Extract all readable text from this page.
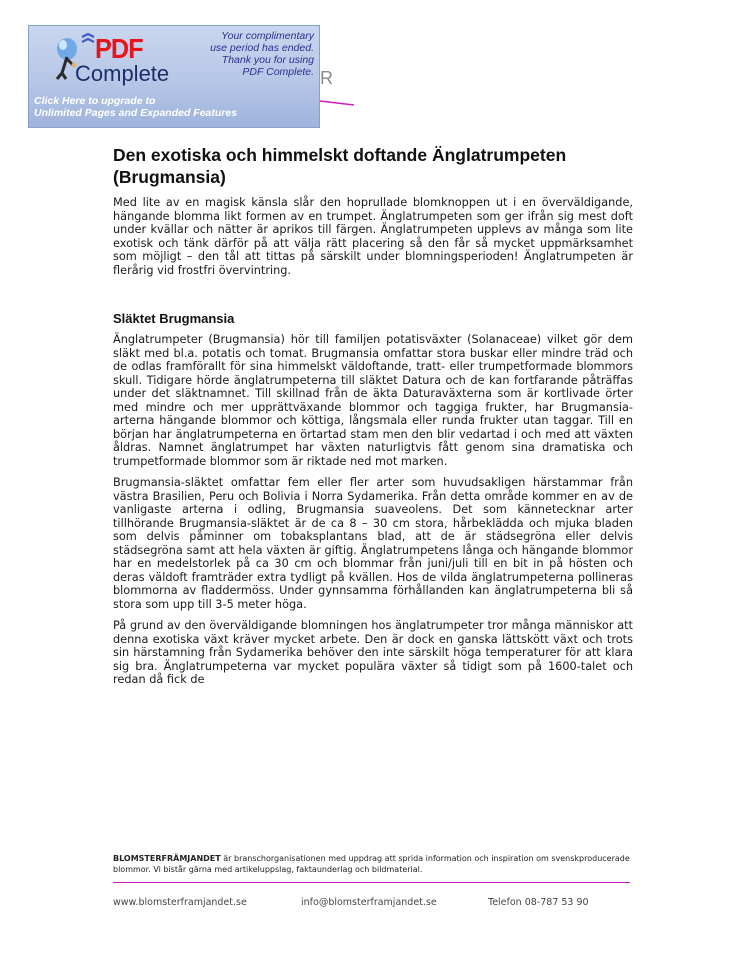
PDF
Complete
Your complimentary
use period has ended.
Thank you for using
PDF Complete.
Click Here to upgrade to
Unlimited Pages and Expanded Features
R
Den exotiska och himmelskt doftande Änglatrumpeten (Brugmansia)

Med lite av en magisk känsla slår den hoprullade blomknoppen ut i en överväldigande, hängande blomma likt formen av en trumpet. Änglatrumpeten som ger ifrån sig mest doft under kvällar och nätter är aprikos till färgen. Änglatrumpeten upplevs av många som lite exotisk och tänk därför på att välja rätt placering så den får så mycket uppmärksamhet som möjligt – den tål att tittas på särskilt under blomningsperioden! Änglatrumpeten är flerårig vid frostfri övervintring.

Släktet Brugmansia

Änglatrumpeter (Brugmansia) hör till familjen potatisväxter (Solanaceae) vilket gör dem släkt med bl.a. potatis och tomat. Brugmansia omfattar stora buskar eller mindre träd och de odlas framförallt för sina himmelskt väldoftande, tratt- eller trumpetformade blommors skull. Tidigare hörde änglatrumpeterna till släktet Datura och de kan fortfarande påträffas under det släktnamnet. Till skillnad från de äkta Daturaväxterna som är kortlivade örter med mindre och mer upprättväxande blommor och taggiga frukter, har Brugmansia-arterna hängande blommor och köttiga, långsmala eller runda frukter utan taggar. Till en början har änglatrumpeterna en örtartad stam men den blir vedartad i och med att växten åldras. Namnet änglatrumpet har växten naturligtvis fått genom sina dramatiska och trumpetformade blommor som är riktade ned mot marken.

Brugmansia-släktet omfattar fem eller fler arter som huvudsakligen härstammar från västra Brasilien, Peru och Bolivia i Norra Sydamerika. Från detta område kommer en av de vanligaste arterna i odling, Brugmansia suaveolens. Det som kännetecknar arter tillhörande Brugmansia-släktet är de ca 8 – 30 cm stora, hårbeklädda och mjuka bladen som delvis påminner om tobaksplantans blad, att de är städsegröna eller delvis städsegröna samt att hela växten är giftig. Änglatrumpetens långa och hängande blommor har en medelstorlek på ca 30 cm och blommar från juni/juli till en bit in på hösten och deras väldoft framträder extra tydligt på kvällen. Hos de vilda änglatrumpeterna pollineras blommorna av fladdermöss. Under gynnsamma förhållanden kan änglatrumpeterna bli så stora som upp till 3-5 meter höga.

På grund av den överväldigande blomningen hos änglatrumpeter tror många människor att denna exotiska växt kräver mycket arbete. Den är dock en ganska lättskött växt och trots sin härstamning från Sydamerika behöver den inte särskilt höga temperaturer för att klara sig bra. Änglatrumpeterna var mycket populära växter så tidigt som på 1600-talet och redan då fick de

BLOMSTERFRÄMJANDET är branschorganisationen med uppdrag att sprida information och inspiration om svenskproducerade blommor. Vi bistår gärna med artikeluppslag, faktaunderlag och bildmaterial.
www.blomsterframjandet.se	info@blomsterframjandet.se	Telefon 08-787 53 90
